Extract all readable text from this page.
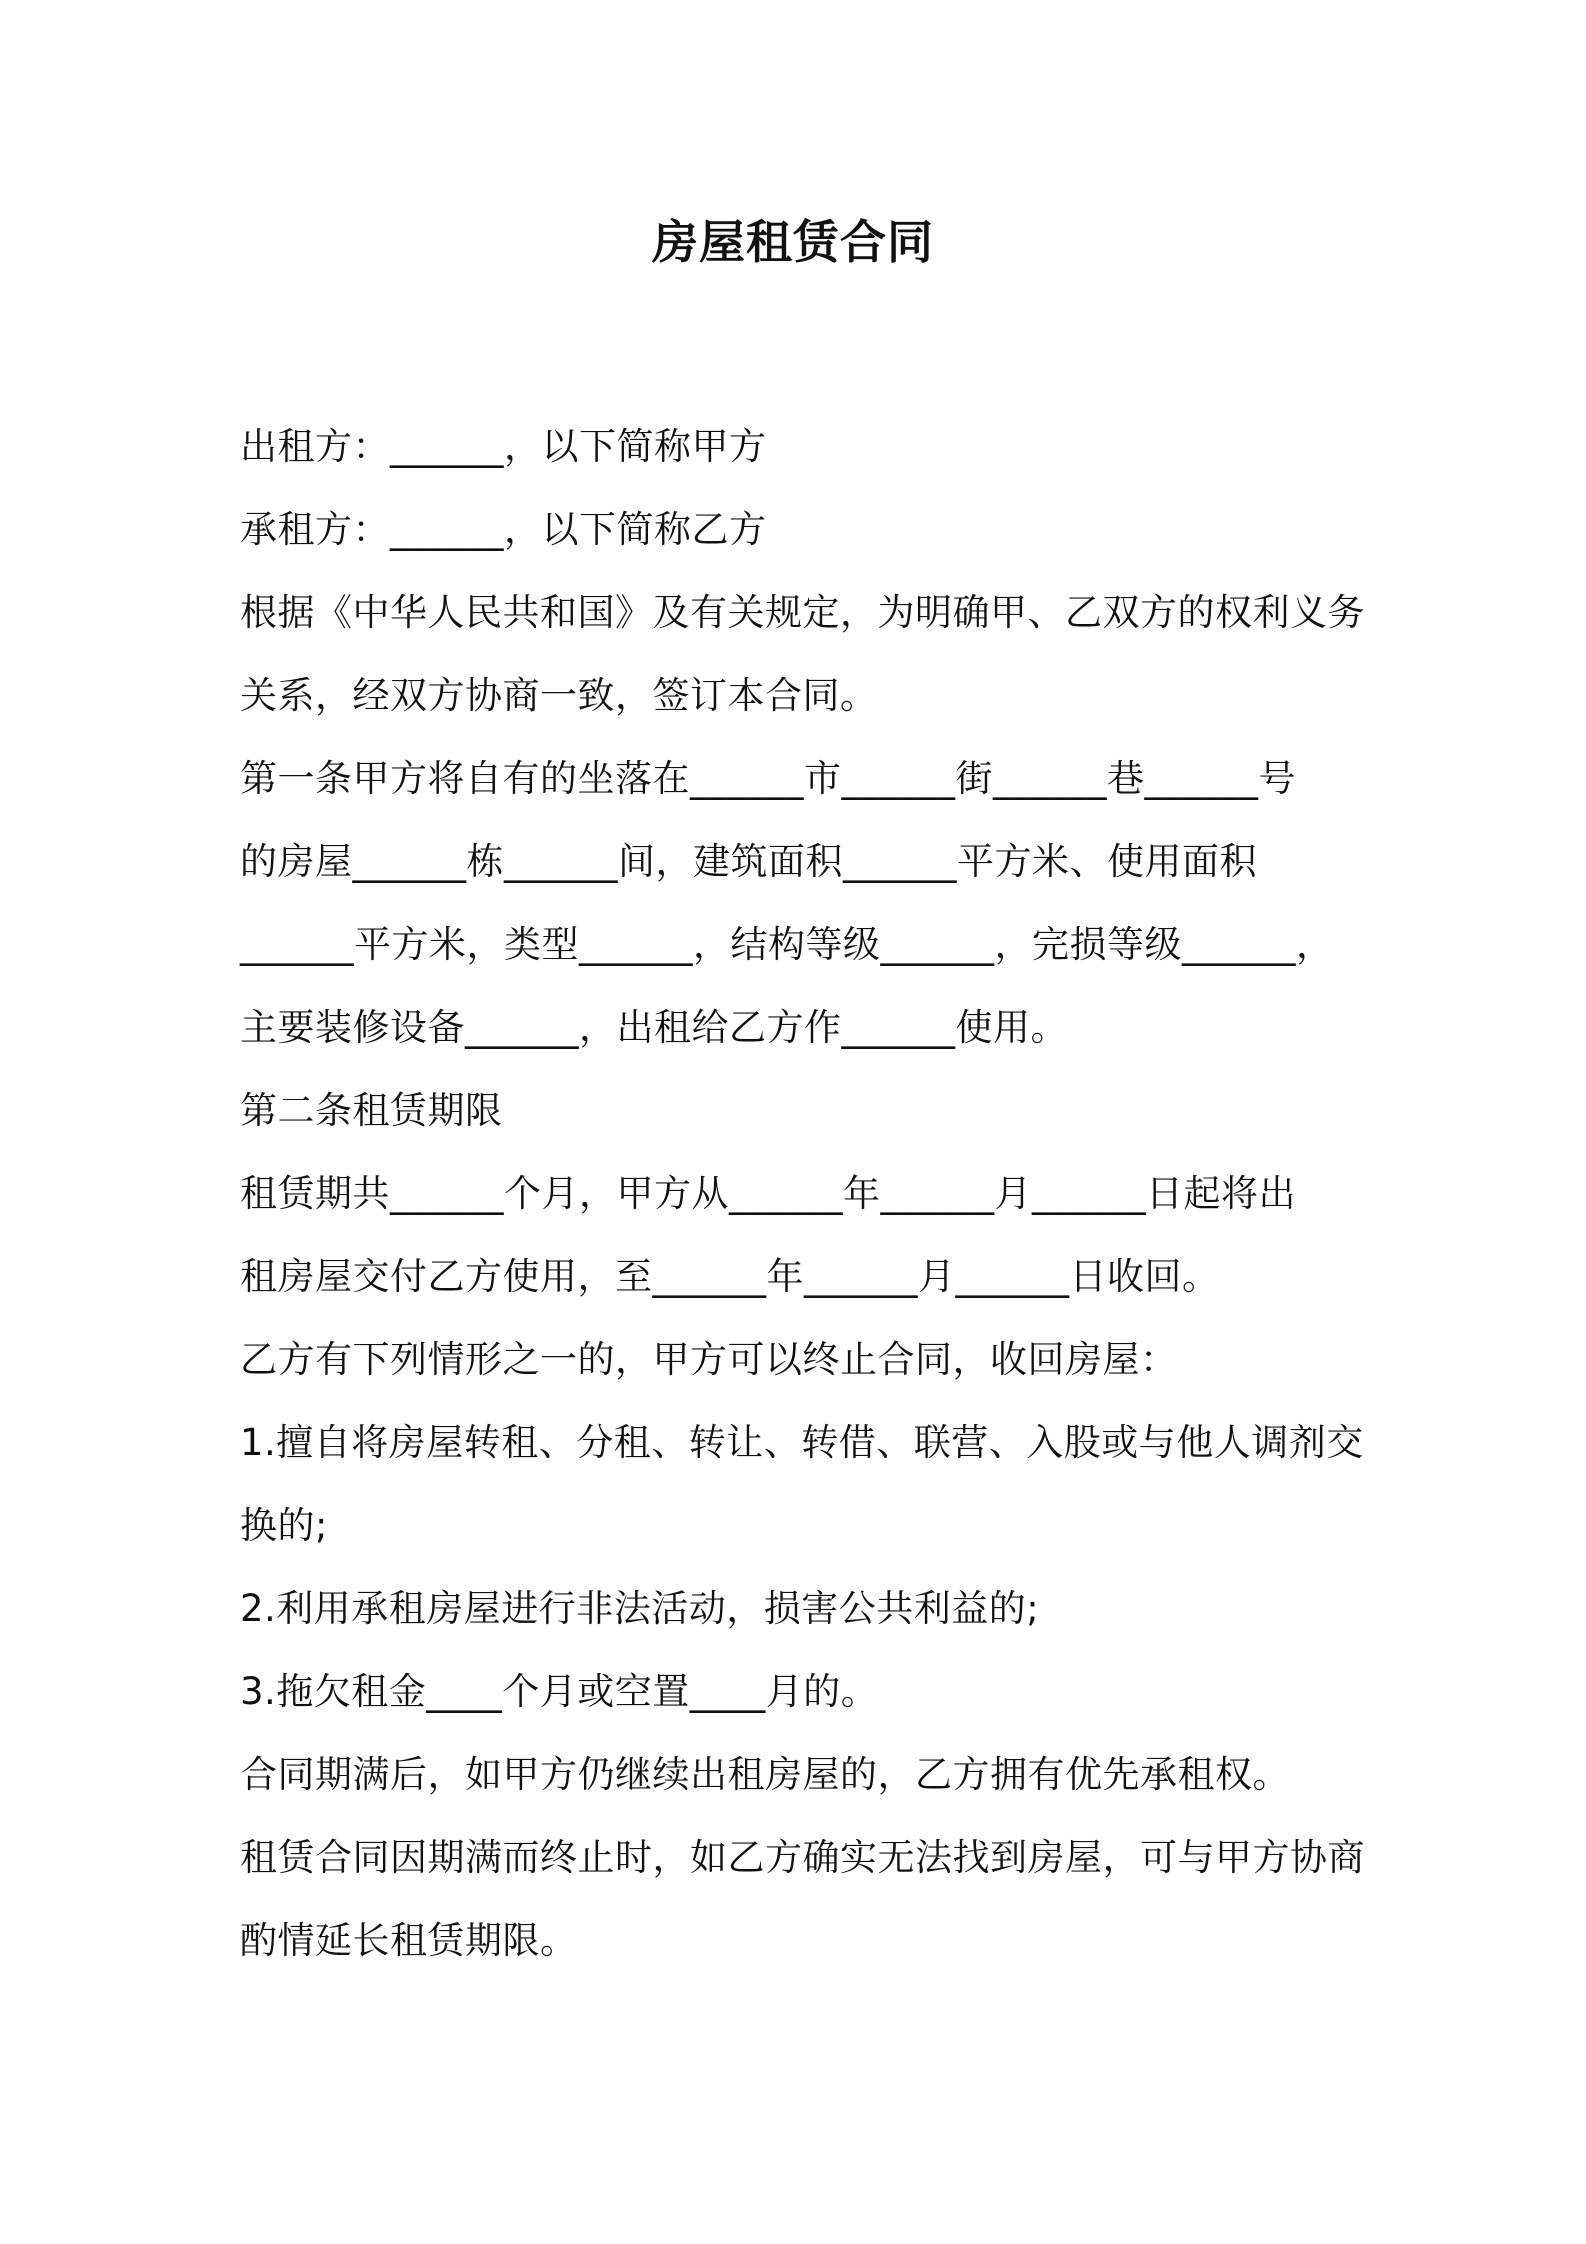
房屋租赁合同
出租方：______，以下简称甲方
承租方：______，以下简称乙方
根据《中华人民共和国》及有关规定，为明确甲、乙双方的权利义务
关系，经双方协商一致，签订本合同。
第一条甲方将自有的坐落在______市______街______巷______号
的房屋______栋______间，建筑面积______平方米、使用面积
______平方米，类型______，结构等级______，完损等级______，
主要装修设备______，出租给乙方作______使用。
第二条租赁期限
租赁期共______个月，甲方从______年______月______日起将出
租房屋交付乙方使用，至______年______月______日收回。
乙方有下列情形之一的，甲方可以终止合同，收回房屋：
1.擅自将房屋转租、分租、转让、转借、联营、入股或与他人调剂交
换的;
2.利用承租房屋进行非法活动，损害公共利益的;
3.拖欠租金____个月或空置____月的。
合同期满后，如甲方仍继续出租房屋的，乙方拥有优先承租权。
租赁合同因期满而终止时，如乙方确实无法找到房屋，可与甲方协商
酌情延长租赁期限。
